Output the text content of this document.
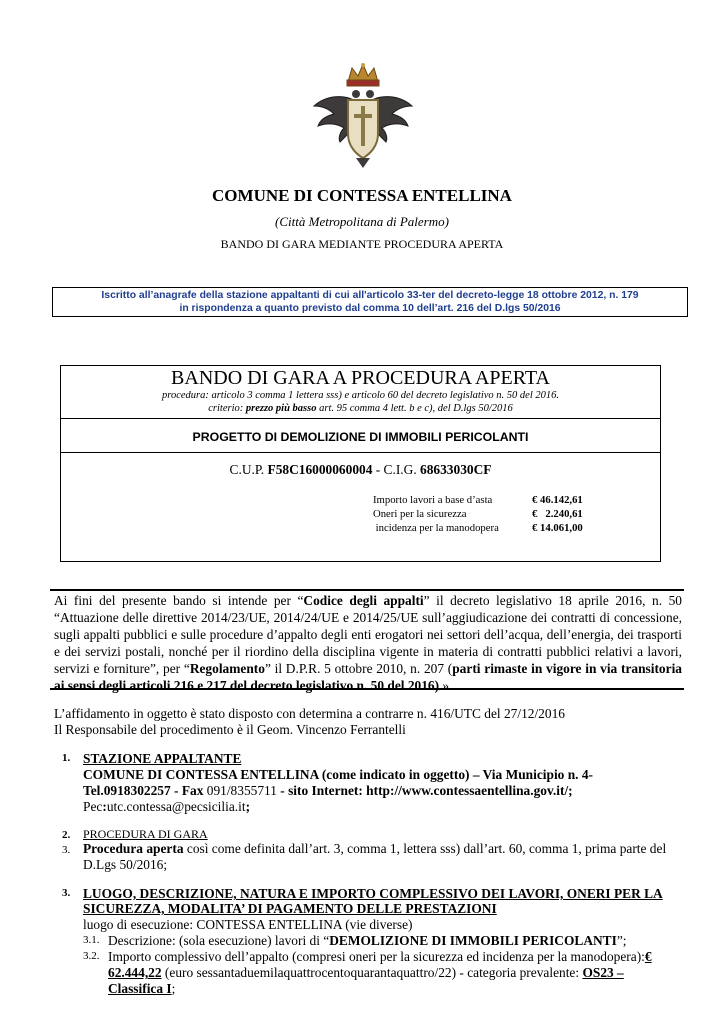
COMUNE DI CONTESSA ENTELLINA
(Città Metropolitana di Palermo)
BANDO DI GARA MEDIANTE PROCEDURA APERTA
Iscritto all’anagrafe della stazione appaltanti di cui all'articolo 33-ter del decreto-legge 18 ottobre 2012, n. 179
in rispondenza a quanto previsto dal comma 10 dell’art. 216 del D.lgs 50/2016
BANDO DI GARA A PROCEDURA APERTA
procedura: articolo 3 comma 1 lettera sss) e articolo 60 del decreto legislativo n. 50 del 2016.
criterio: prezzo più basso art. 95 comma 4 lett. b e c), del D.lgs 50/2016
PROGETTO DI DEMOLIZIONE DI IMMOBILI PERICOLANTI
C.U.P. F58C16000060004 - C.I.G. 68633030CF
Importo lavori a base d’asta	€ 46.142,61
Oneri per la sicurezza	€   2.240,61
incidenza per la manodopera	€ 14.061,00
Ai fini del presente bando si intende per “Codice degli appalti” il decreto legislativo 18 aprile 2016, n. 50
“Attuazione delle direttive 2014/23/UE, 2014/24/UE e 2014/25/UE sull’aggiudicazione dei contratti di concessione,
sugli appalti pubblici e sulle procedure d’appalto degli enti erogatori nei settori dell’acqua, dell’energia, dei trasporti
e dei servizi postali, nonché per il riordino della disciplina vigente in materia di contratti pubblici relativi a lavori,
servizi e forniture”, per “Regolamento” il D.P.R. 5 ottobre 2010, n. 207 (parti rimaste in vigore in via transitoria
ai sensi degli articoli 216 e 217 del decreto legislativo n. 50 del 2016) ».
L’affidamento in oggetto è stato disposto con determina a contrarre n. 416/UTC del 27/12/2016
Il Responsabile del procedimento è il Geom. Vincenzo Ferrantelli
1. STAZIONE APPALTANTE
COMUNE DI CONTESSA ENTELLINA (come indicato in oggetto) – Via Municipio n. 4-
Tel.0918302257 - Fax 091/8355711 - sito Internet: http://www.contessaentellina.gov.it/;
Pec:utc.contessa@pecsicilia.it;
2. PROCEDURA DI GARA
3. Procedura aperta così come definita dall’art. 3, comma 1, lettera sss) dall’art. 60, comma 1, prima parte del
D.Lgs 50/2016;
3. LUOGO, DESCRIZIONE, NATURA E IMPORTO COMPLESSIVO DEI LAVORI, ONERI PER LA
SICUREZZA, MODALITA’ DI PAGAMENTO DELLE PRESTAZIONI
luogo di esecuzione: CONTESSA ENTELLINA (vie diverse)
3.1. Descrizione: (sola esecuzione) lavori di “DEMOLIZIONE DI IMMOBILI PERICOLANTI”;
3.2. Importo complessivo dell’appalto (compresi oneri per la sicurezza ed incidenza per la manodopera):€
62.444,22 (euro sessantaduemilaquattrocentoquarantaquattro/22) - categoria prevalente: OS23 –
Classifica I;
